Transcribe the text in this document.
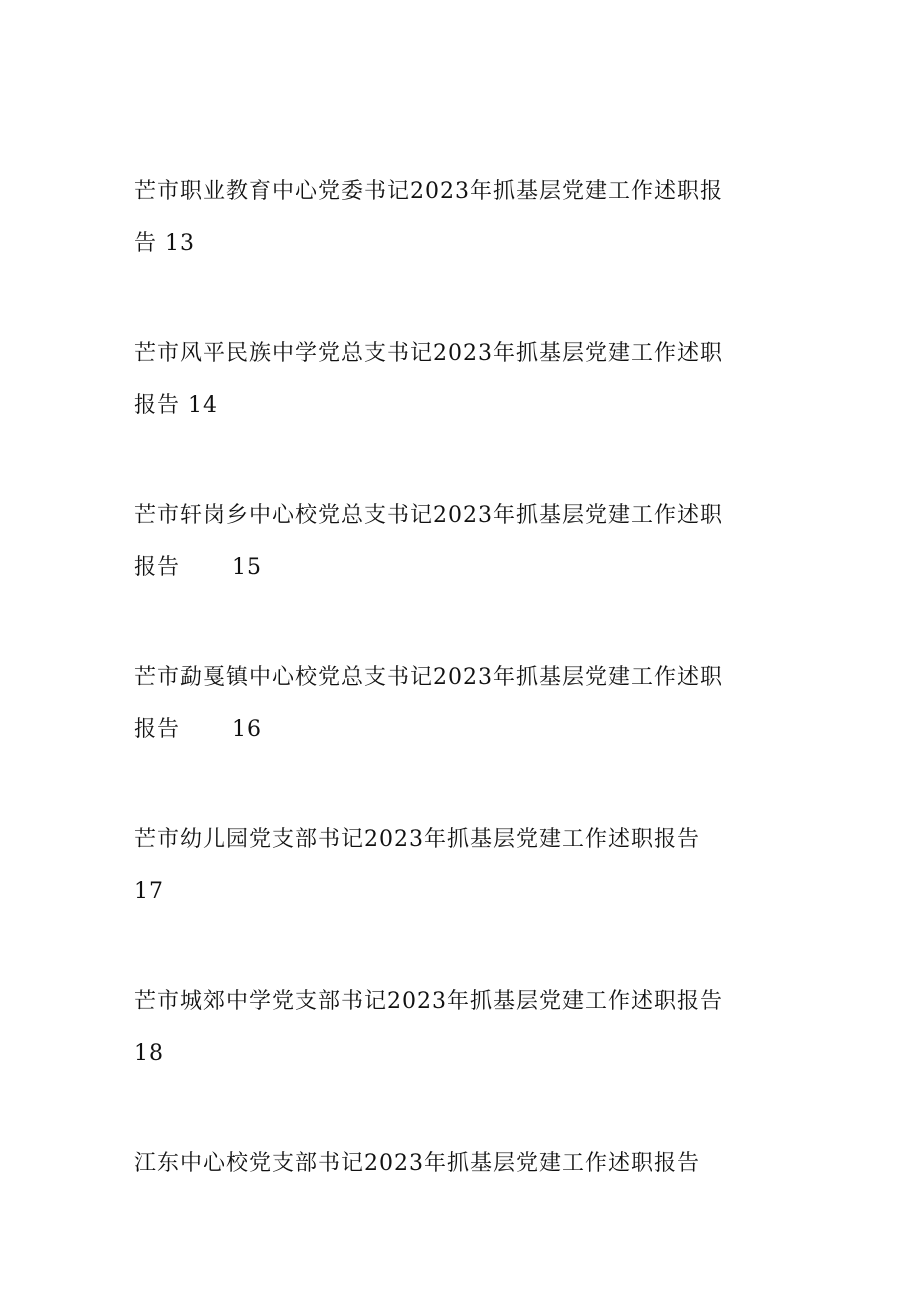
芒市职业教育中心党委书记2023年抓基层党建工作述职报
告 13
芒市风平民族中学党总支书记2023年抓基层党建工作述职
报告 14
芒市轩岗乡中心校党总支书记2023年抓基层党建工作述职
报告 15
芒市勐戛镇中心校党总支书记2023年抓基层党建工作述职
报告 16
芒市幼儿园党支部书记2023年抓基层党建工作述职报告
17
芒市城郊中学党支部书记2023年抓基层党建工作述职报告
18
江东中心校党支部书记2023年抓基层党建工作述职报告
